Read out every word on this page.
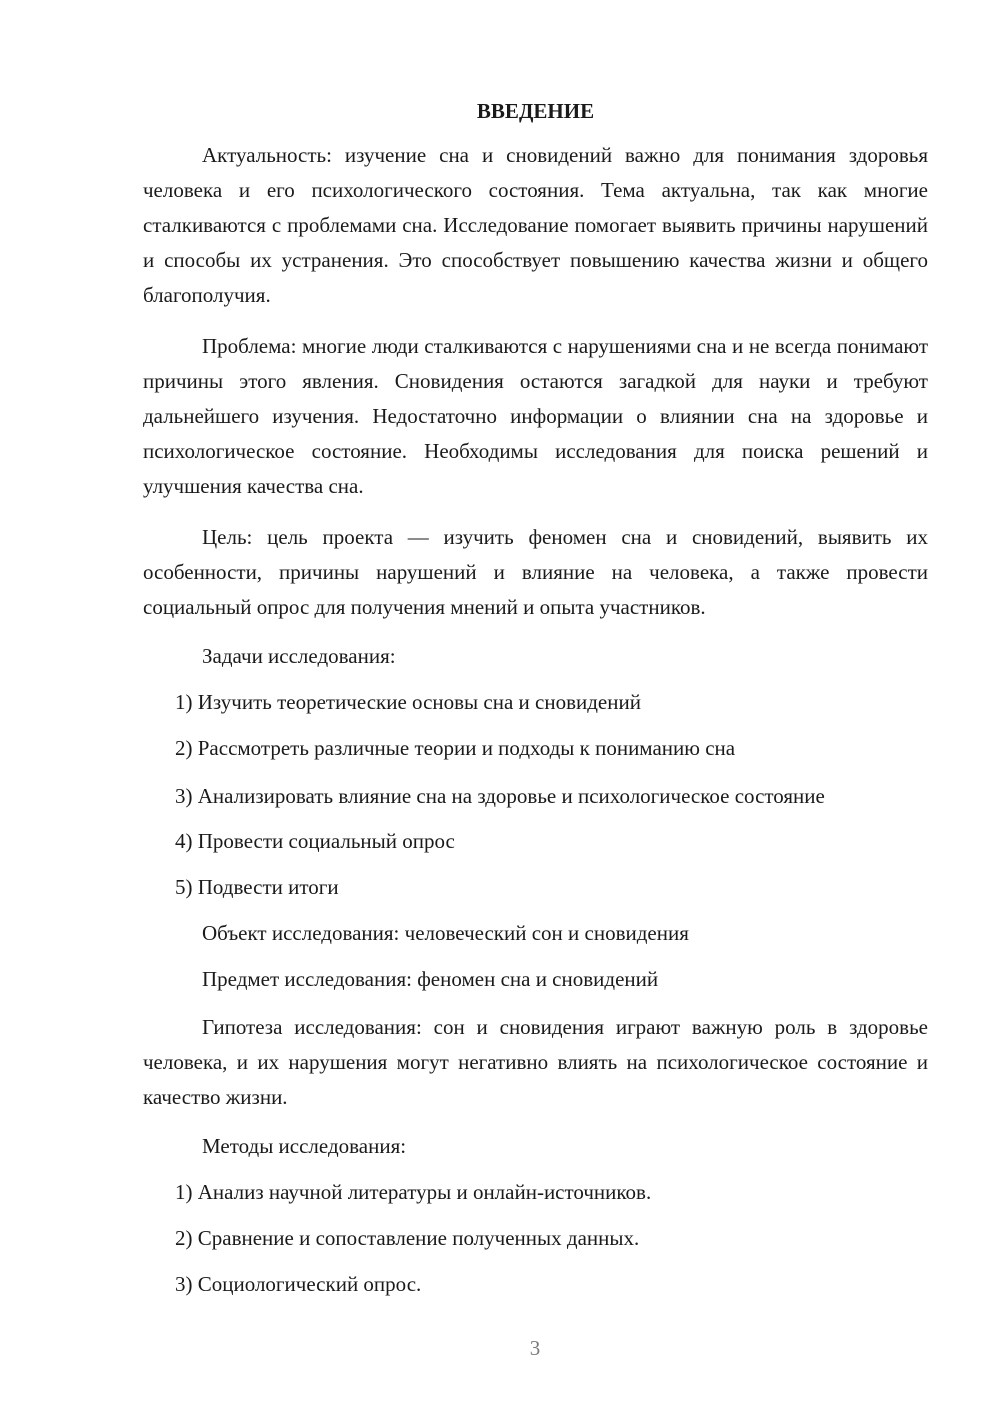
ВВЕДЕНИЕ

Актуальность: изучение сна и сновидений важно для понимания здоровья человека и его психологического состояния. Тема актуальна, так как многие сталкиваются с проблемами сна. Исследование помогает выявить причины нарушений и способы их устранения. Это способствует повышению качества жизни и общего благополучия.

Проблема: многие люди сталкиваются с нарушениями сна и не всегда понимают причины этого явления. Сновидения остаются загадкой для науки и требуют дальнейшего изучения. Недостаточно информации о влиянии сна на здоровье и психологическое состояние. Необходимы исследования для поиска решений и улучшения качества сна.

Цель: цель проекта — изучить феномен сна и сновидений, выявить их особенности, причины нарушений и влияние на человека, а также провести социальный опрос для получения мнений и опыта участников.

Задачи исследования:

1) Изучить теоретические основы сна и сновидений

2) Рассмотреть различные теории и подходы к пониманию сна

3) Анализировать влияние сна на здоровье и психологическое состояние

4) Провести социальный опрос

5) Подвести итоги

Объект исследования: человеческий сон и сновидения

Предмет исследования: феномен сна и сновидений

Гипотеза исследования: сон и сновидения играют важную роль в здоровье человека, и их нарушения могут негативно влиять на психологическое состояние и качество жизни.

Методы исследования:

1) Анализ научной литературы и онлайн-источников.

2) Сравнение и сопоставление полученных данных.

3) Социологический опрос.

3
